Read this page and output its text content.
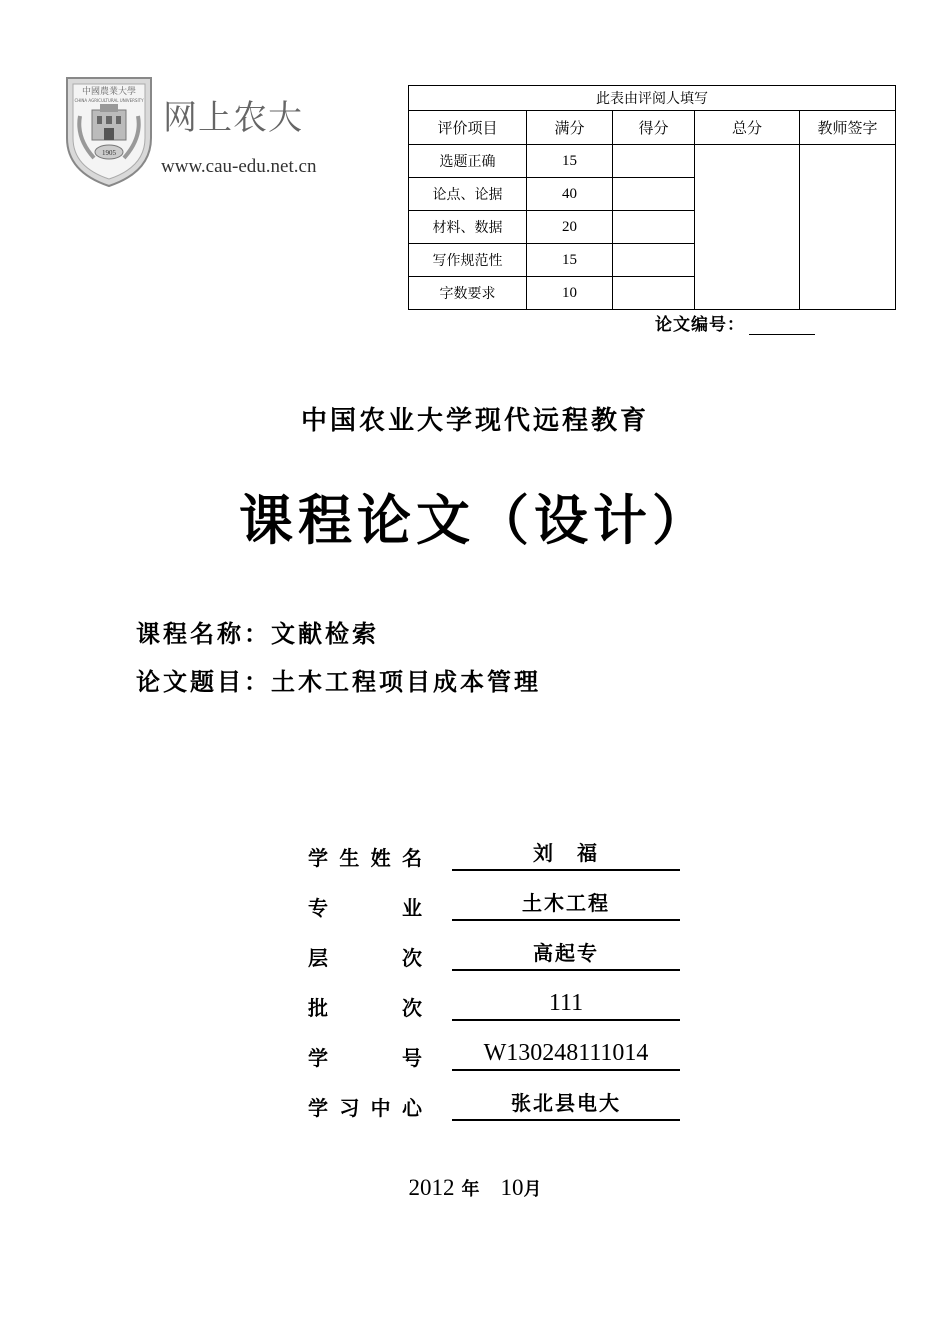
中國農業大學
CHINA AGRICULTURAL UNIVERSITY
1905
网上农大
www.cau-edu.net.cn
此表由评阅人填写				
评价项目	满分	得分	总分	教师签字
选题正确	15			
论点、论据	40			
材料、数据	20			
写作规范性	15			
字数要求	10			
论文编号：
中国农业大学现代远程教育
课程论文（设计）
课程名称：文献检索
论文题目：土木工程项目成本管理
学 生 姓 名	刘　福
专	业	土木工程
层	次	高起专
批	次	111
学	号	W130248111014
学 习 中 心	张北县电大
2012 年 10月
